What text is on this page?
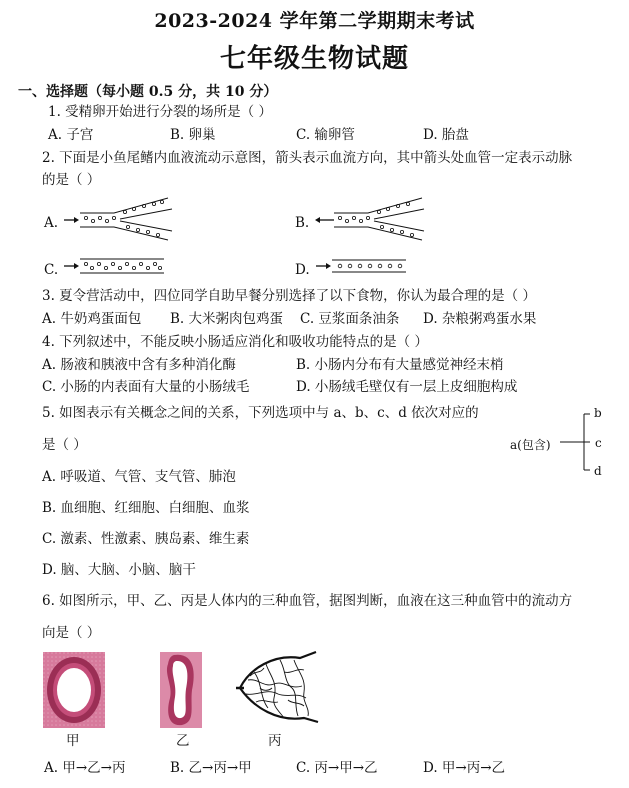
2023-2024 学年第二学期期末考试
七年级生物试题
一、选择题（每小题 0.5 分，共 10 分）
1. 受精卵开始进行分裂的场所是（ ）
A. 子宫	B. 卵巢	C. 输卵管	D. 胎盘
2. 下面是小鱼尾鳍内血液流动示意图，箭头表示血流方向，其中箭头处血管一定表示动脉
的是（ ）
A.	B.
C.	D.
3. 夏令营活动中，四位同学自助早餐分别选择了以下食物，你认为最合理的是（ ）
A. 牛奶鸡蛋面包 B. 大米粥肉包鸡蛋 C. 豆浆面条油条 D. 杂粮粥鸡蛋水果
4. 下列叙述中，不能反映小肠适应消化和吸收功能特点的是（ ）
A. 肠液和胰液中含有多种消化酶	B. 小肠内分布有大量感觉神经末梢
C. 小肠的内表面有大量的小肠绒毛	D. 小肠绒毛壁仅有一层上皮细胞构成
5. 如图表示有关概念之间的关系，下列选项中与 a、b、c、d 依次对应的
是（ ）	a(包含)
b
c
d
A. 呼吸道、气管、支气管、肺泡
B. 血细胞、红细胞、白细胞、血浆
C. 激素、性激素、胰岛素、维生素
D. 脑、大脑、小脑、脑干
6. 如图所示，甲、乙、丙是人体内的三种血管，据图判断，血液在这三种血管中的流动方
向是（ ）
甲	乙	丙
A. 甲→乙→丙	B. 乙→丙→甲	C. 丙→甲→乙	D. 甲→丙→乙
